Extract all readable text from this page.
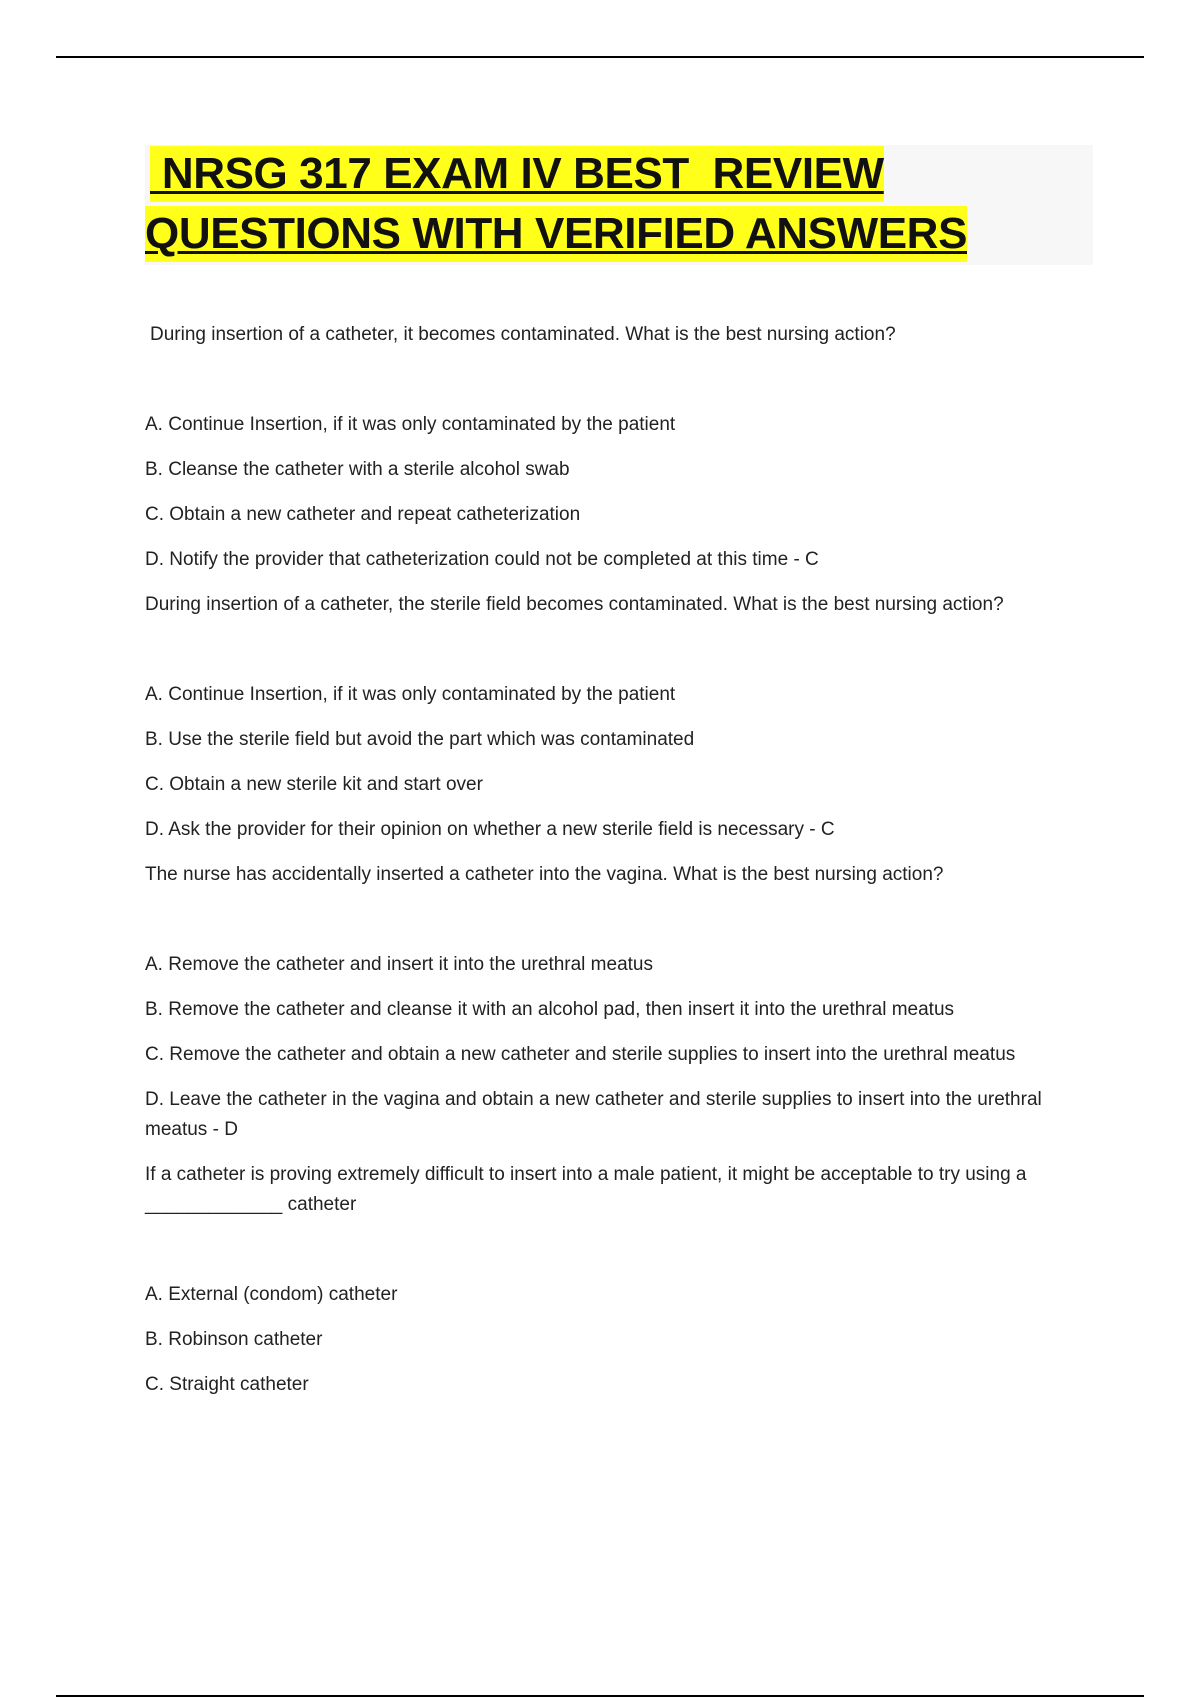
NRSG 317 EXAM IV BEST  REVIEW
QUESTIONS WITH VERIFIED ANSWERS

During insertion of a catheter, it becomes contaminated. What is the best nursing action?

A. Continue Insertion, if it was only contaminated by the patient

B. Cleanse the catheter with a sterile alcohol swab

C. Obtain a new catheter and repeat catheterization

D. Notify the provider that catheterization could not be completed at this time - C

During insertion of a catheter, the sterile field becomes contaminated. What is the best nursing action?

A. Continue Insertion, if it was only contaminated by the patient

B. Use the sterile field but avoid the part which was contaminated

C. Obtain a new sterile kit and start over

D. Ask the provider for their opinion on whether a new sterile field is necessary - C

The nurse has accidentally inserted a catheter into the vagina. What is the best nursing action?

A. Remove the catheter and insert it into the urethral meatus

B. Remove the catheter and cleanse it with an alcohol pad, then insert it into the urethral meatus

C. Remove the catheter and obtain a new catheter and sterile supplies to insert into the urethral meatus

D. Leave the catheter in the vagina and obtain a new catheter and sterile supplies to insert into the urethral meatus - D

If a catheter is proving extremely difficult to insert into a male patient, it might be acceptable to try using a _____________ catheter

A. External (condom) catheter

B. Robinson catheter

C. Straight catheter
